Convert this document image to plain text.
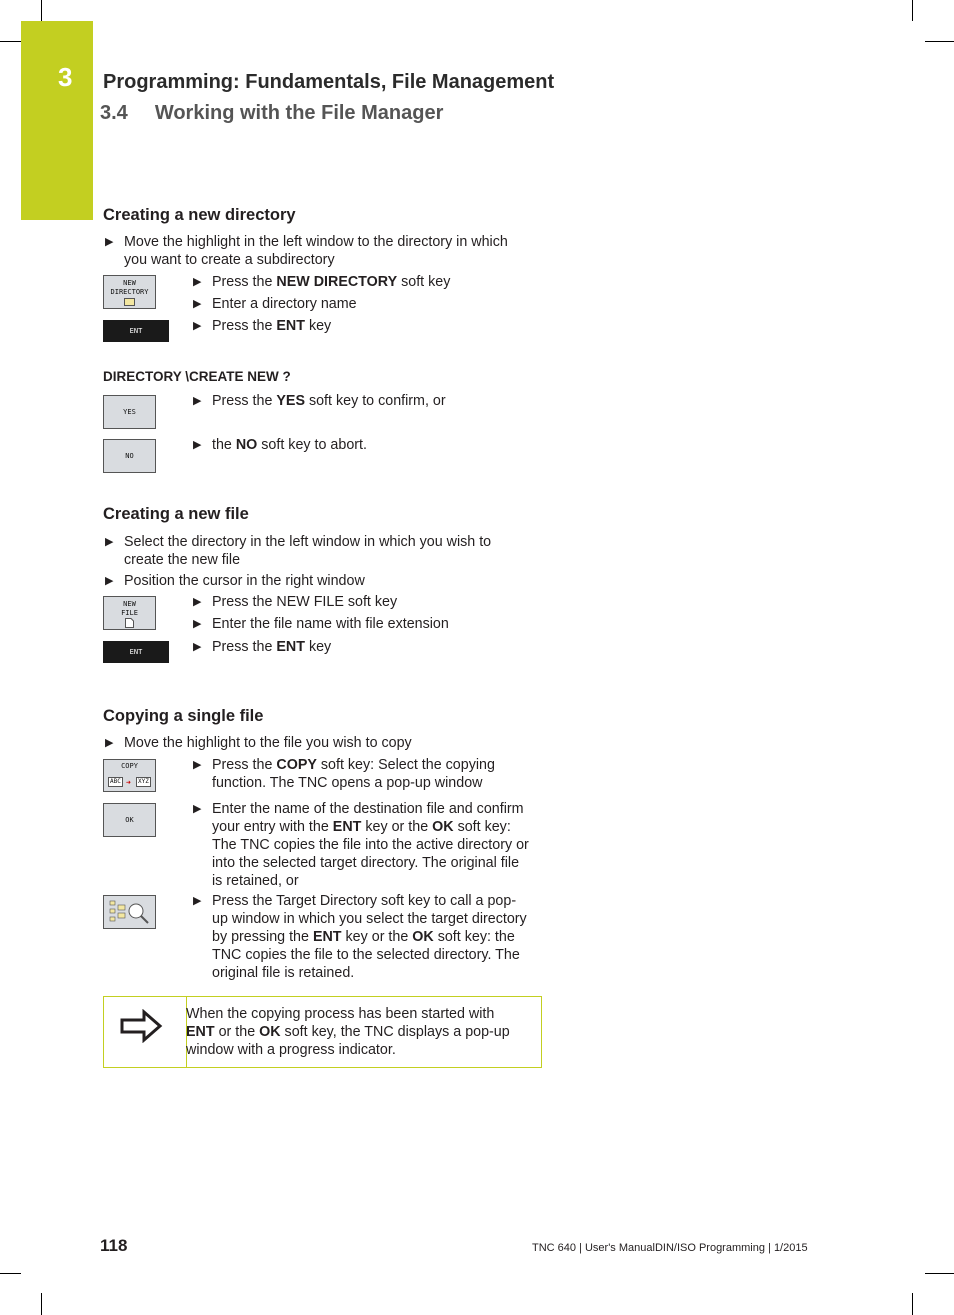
3 Programming: Fundamentals, File Management
3.4 Working with the File Manager
Creating a new directory
▶ Move the highlight in the left window to the directory in which
you want to create a subdirectory
NEW
DIRECTORY
▶ Press the NEW DIRECTORY soft key
▶ Enter a directory name
ENT	▶ Press the ENT key
DIRECTORY \CREATE NEW ?
YES
▶ Press the YES soft key to confirm, or
NO
▶ the NO soft key to abort.
Creating a new file
▶ Select the directory in the left window in which you wish to
create the new file
▶ Position the cursor in the right window
NEW
FILE
▶ Press the NEW FILE soft key
▶ Enter the file name with file extension
ENT	▶ Press the ENT key
Copying a single file
▶ Move the highlight to the file you wish to copy
COPY
ABC ➜	XYZ
▶ Press the COPY soft key: Select the copying
function. The TNC opens a pop-up window
OK
▶ Enter the name of the destination file and confirm
your entry with the ENT key or the OK soft key:
The TNC copies the file into the active directory or
into the selected target directory. The original file
is retained, or
▶ Press the Target Directory soft key to call a pop-
up window in which you select the target directory
by pressing the ENT key or the OK soft key: the
TNC copies the file to the selected directory. The
original file is retained.
When the copying process has been started with
ENT or the OK soft key, the TNC displays a pop-up
window with a progress indicator.
118	TNC 640 | User's ManualDIN/ISO Programming | 1/2015
